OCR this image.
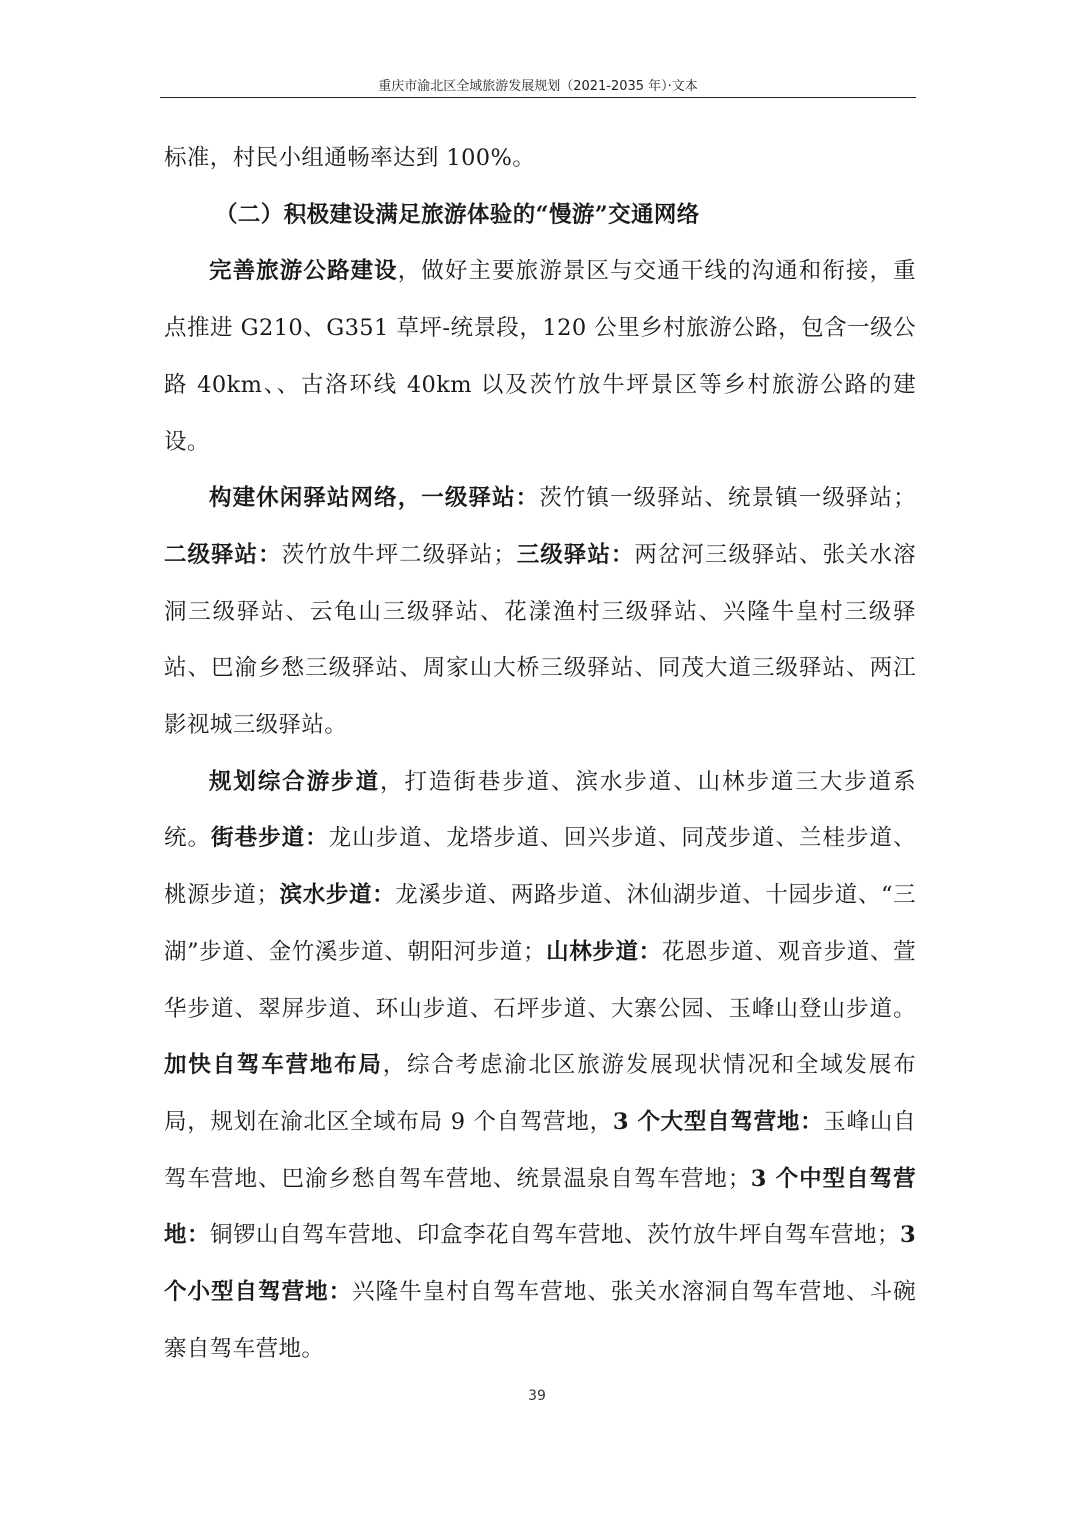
重庆市渝北区全域旅游发展规划（2021-2035 年）·文本

标准，村民小组通畅率达到 100%。

（二）积极建设满足旅游体验的“慢游”交通网络

完善旅游公路建设，做好主要旅游景区与交通干线的沟通和衔接，重点推进 G210、G351 草坪-统景段，120 公里乡村旅游公路，包含一级公路 40km、、古洛环线 40km 以及茨竹放牛坪景区等乡村旅游公路的建设。

构建休闲驿站网络，一级驿站：茨竹镇一级驿站、统景镇一级驿站；二级驿站：茨竹放牛坪二级驿站；三级驿站：两岔河三级驿站、张关水溶洞三级驿站、云龟山三级驿站、花漾渔村三级驿站、兴隆牛皇村三级驿站、巴渝乡愁三级驿站、周家山大桥三级驿站、同茂大道三级驿站、两江影视城三级驿站。

规划综合游步道，打造街巷步道、滨水步道、山林步道三大步道系统。街巷步道：龙山步道、龙塔步道、回兴步道、同茂步道、兰桂步道、桃源步道；滨水步道：龙溪步道、两路步道、沐仙湖步道、十园步道、“三湖”步道、金竹溪步道、朝阳河步道；山林步道：花恩步道、观音步道、萱华步道、翠屏步道、环山步道、石坪步道、大寨公园、玉峰山登山步道。加快自驾车营地布局，综合考虑渝北区旅游发展现状情况和全域发展布局，规划在渝北区全域布局 9 个自驾营地，3 个大型自驾营地：玉峰山自驾车营地、巴渝乡愁自驾车营地、统景温泉自驾车营地；3 个中型自驾营地：铜锣山自驾车营地、印盒李花自驾车营地、茨竹放牛坪自驾车营地；3 个小型自驾营地：兴隆牛皇村自驾车营地、张关水溶洞自驾车营地、斗碗寨自驾车营地。

39
